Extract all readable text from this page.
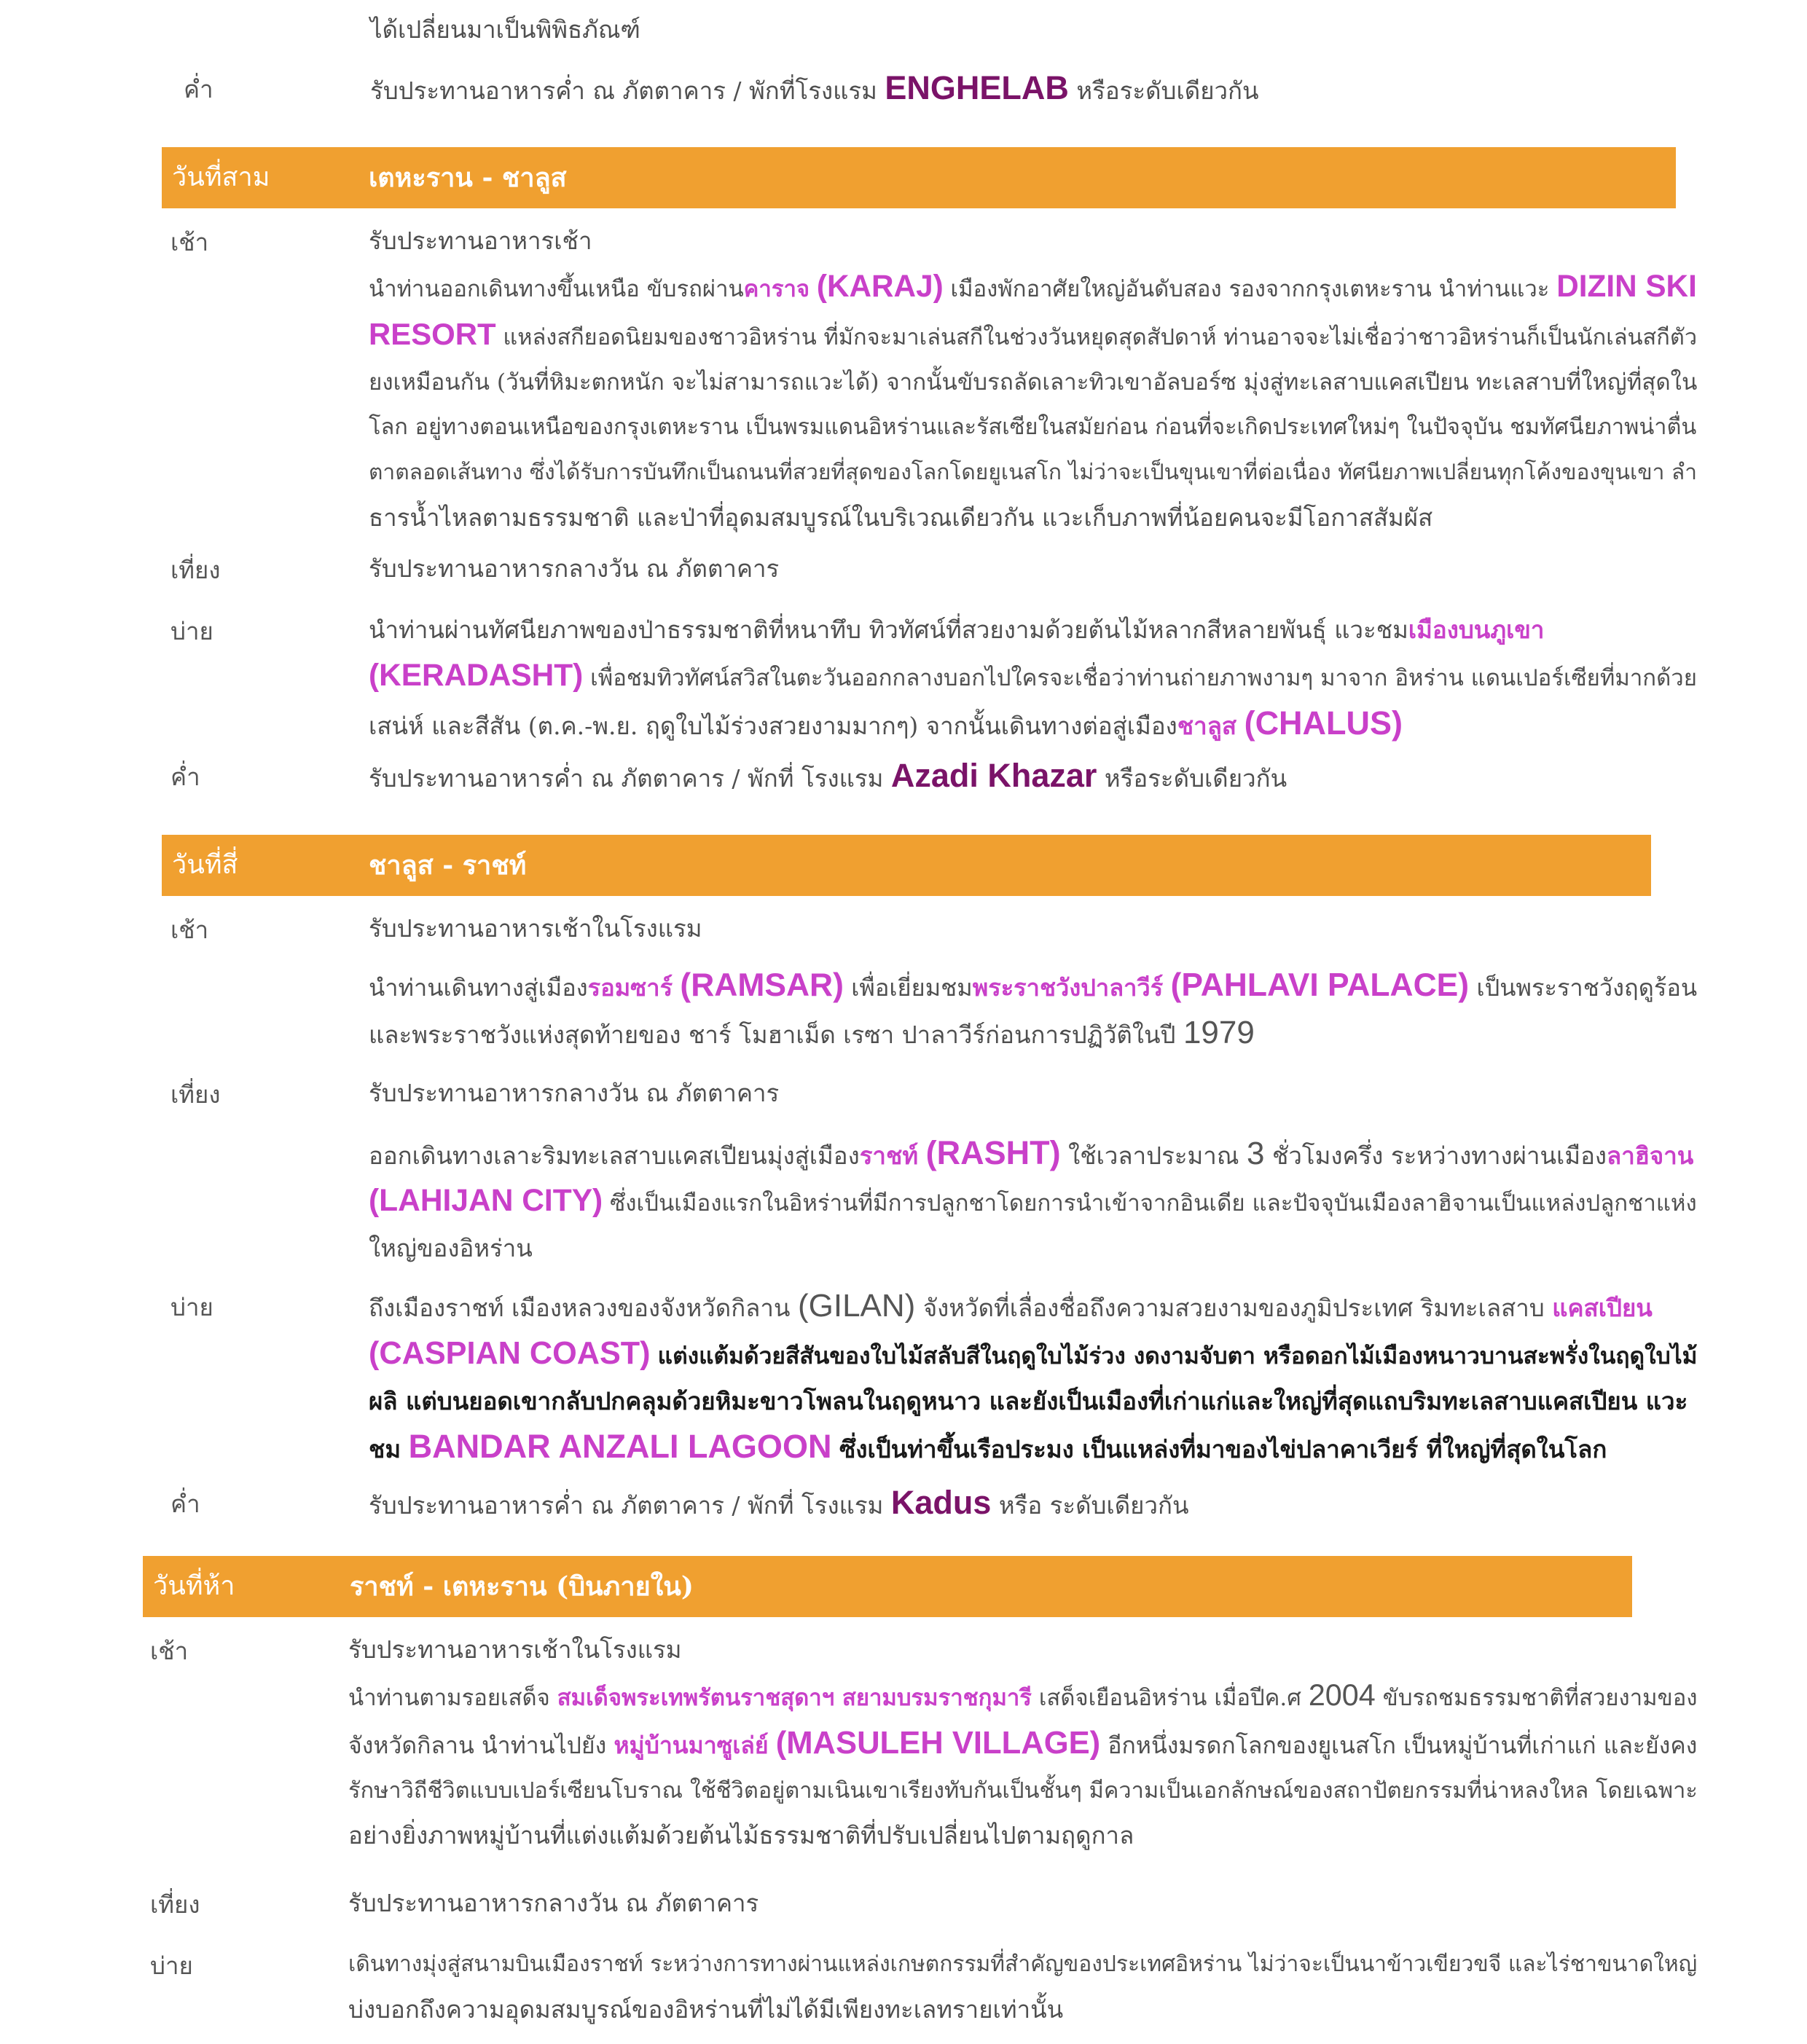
ได้เปลี่ยนมาเป็นพิพิธภัณฑ์
ค่ำ	รับประทานอาหารค่ำ ณ ภัตตาคาร / พักที่โรงแรม ENGHELAB หรือระดับเดียวกัน
วันที่สาม	เตหะราน - ชาลูส
เช้า	รับประทานอาหารเช้า
นำท่านออกเดินทางขึ้นเหนือ ขับรถผ่านคาราจ (KARAJ) เมืองพักอาศัยใหญ่อันดับสอง รองจากกรุงเตหะราน นำท่านแวะ DIZIN SKI
RESORT แหล่งสกียอดนิยมของชาวอิหร่าน ที่มักจะมาเล่นสกีในช่วงวันหยุดสุดสัปดาห์ ท่านอาจจะไม่เชื่อว่าชาวอิหร่านก็เป็นนักเล่นสกีตัว
ยงเหมือนกัน (วันที่หิมะตกหนัก จะไม่สามารถแวะได้) จากนั้นขับรถลัดเลาะทิวเขาอัลบอร์ซ มุ่งสู่ทะเลสาบแคสเปียน ทะเลสาบที่ใหญ่ที่สุดใน
โลก อยู่ทางตอนเหนือของกรุงเตหะราน เป็นพรมแดนอิหร่านและรัสเซียในสมัยก่อน ก่อนที่จะเกิดประเทศใหม่ๆ ในปัจจุบัน ชมทัศนียภาพน่าตื่น
ตาตลอดเส้นทาง ซึ่งได้รับการบันทึกเป็นถนนที่สวยที่สุดของโลกโดยยูเนสโก ไม่ว่าจะเป็นขุนเขาที่ต่อเนื่อง ทัศนียภาพเปลี่ยนทุกโค้งของขุนเขา ลำ
ธารน้ำไหลตามธรรมชาติ และป่าที่อุดมสมบูรณ์ในบริเวณเดียวกัน แวะเก็บภาพที่น้อยคนจะมีโอกาสสัมผัส
เที่ยง	รับประทานอาหารกลางวัน ณ ภัตตาคาร
บ่าย	นำท่านผ่านทัศนียภาพของป่าธรรมชาติที่หนาทึบ ทิวทัศน์ที่สวยงามด้วยต้นไม้หลากสีหลายพันธุ์ แวะชมเมืองบนภูเขา
(KERADASHT) เพื่อชมทิวทัศน์สวิสในตะวันออกกลางบอกไปใครจะเชื่อว่าท่านถ่ายภาพงามๆ มาจาก อิหร่าน แดนเปอร์เซียที่มากด้วย
เสน่ห์ และสีสัน (ต.ค.-พ.ย. ฤดูใบไม้ร่วงสวยงามมากๆ) จากนั้นเดินทางต่อสู่เมืองชาลูส (CHALUS)
ค่ำ	รับประทานอาหารค่ำ ณ ภัตตาคาร / พักที่ โรงแรม Azadi Khazar หรือระดับเดียวกัน
วันที่สี่	ชาลูส - ราชท์
เช้า	รับประทานอาหารเช้าในโรงแรม
นำท่านเดินทางสู่เมืองรอมซาร์ (RAMSAR) เพื่อเยี่ยมชมพระราชวังปาลาวีร์ (PAHLAVI PALACE) เป็นพระราชวังฤดูร้อน
และพระราชวังแห่งสุดท้ายของ ชาร์ โมฮาเม็ด เรซา ปาลาวีร์ก่อนการปฏิวัติในปี 1979
เที่ยง	รับประทานอาหารกลางวัน ณ ภัตตาคาร
ออกเดินทางเลาะริมทะเลสาบแคสเปียนมุ่งสู่เมืองราชท์ (RASHT) ใช้เวลาประมาณ 3 ชั่วโมงครึ่ง ระหว่างทางผ่านเมืองลาฮิจาน
(LAHIJAN CITY) ซึ่งเป็นเมืองแรกในอิหร่านที่มีการปลูกชาโดยการนำเข้าจากอินเดีย และปัจจุบันเมืองลาฮิจานเป็นแหล่งปลูกชาแห่ง
ใหญ่ของอิหร่าน
บ่าย	ถึงเมืองราชท์ เมืองหลวงของจังหวัดกิลาน (GILAN) จังหวัดที่เลื่องชื่อถึงความสวยงามของภูมิประเทศ ริมทะเลสาบ แคสเปียน
(CASPIAN COAST) แต่งแต้มด้วยสีสันของใบไม้สลับสีในฤดูใบไม้ร่วง งดงามจับตา หรือดอกไม้เมืองหนาวบานสะพรั่งในฤดูใบไม้
ผลิ แต่บนยอดเขากลับปกคลุมด้วยหิมะขาวโพลนในฤดูหนาว และยังเป็นเมืองที่เก่าแก่และใหญ่ที่สุดแถบริมทะเลสาบแคสเปียน แวะ
ชม BANDAR ANZALI LAGOON ซึ่งเป็นท่าขึ้นเรือประมง เป็นแหล่งที่มาของไข่ปลาคาเวียร์ ที่ใหญ่ที่สุดในโลก
ค่ำ	รับประทานอาหารค่ำ ณ ภัตตาคาร / พักที่ โรงแรม Kadus หรือ ระดับเดียวกัน
วันที่ห้า	ราชท์ - เตหะราน (บินภายใน)
เช้า	รับประทานอาหารเช้าในโรงแรม
นำท่านตามรอยเสด็จ สมเด็จพระเทพรัตนราชสุดาฯ สยามบรมราชกุมารี เสด็จเยือนอิหร่าน เมื่อปีค.ศ 2004 ขับรถชมธรรมชาติที่สวยงามของ
จังหวัดกิลาน นำท่านไปยัง หมู่บ้านมาซูเล่ย์ (MASULEH VILLAGE) อีกหนึ่งมรดกโลกของยูเนสโก เป็นหมู่บ้านที่เก่าแก่ และยังคง
รักษาวิถีชีวิตแบบเปอร์เซียนโบราณ ใช้ชีวิตอยู่ตามเนินเขาเรียงทับกันเป็นชั้นๆ มีความเป็นเอกลักษณ์ของสถาปัตยกรรมที่น่าหลงใหล โดยเฉพาะ
อย่างยิ่งภาพหมู่บ้านที่แต่งแต้มด้วยต้นไม้ธรรมชาติที่ปรับเปลี่ยนไปตามฤดูกาล
เที่ยง	รับประทานอาหารกลางวัน ณ ภัตตาคาร
บ่าย	เดินทางมุ่งสู่สนามบินเมืองราชท์ ระหว่างการทางผ่านแหล่งเกษตกรรมที่สำคัญของประเทศอิหร่าน ไม่ว่าจะเป็นนาข้าวเขียวขจี และไร่ชาขนาดใหญ่
บ่งบอกถึงความอุดมสมบูรณ์ของอิหร่านที่ไม่ได้มีเพียงทะเลทรายเท่านั้น
